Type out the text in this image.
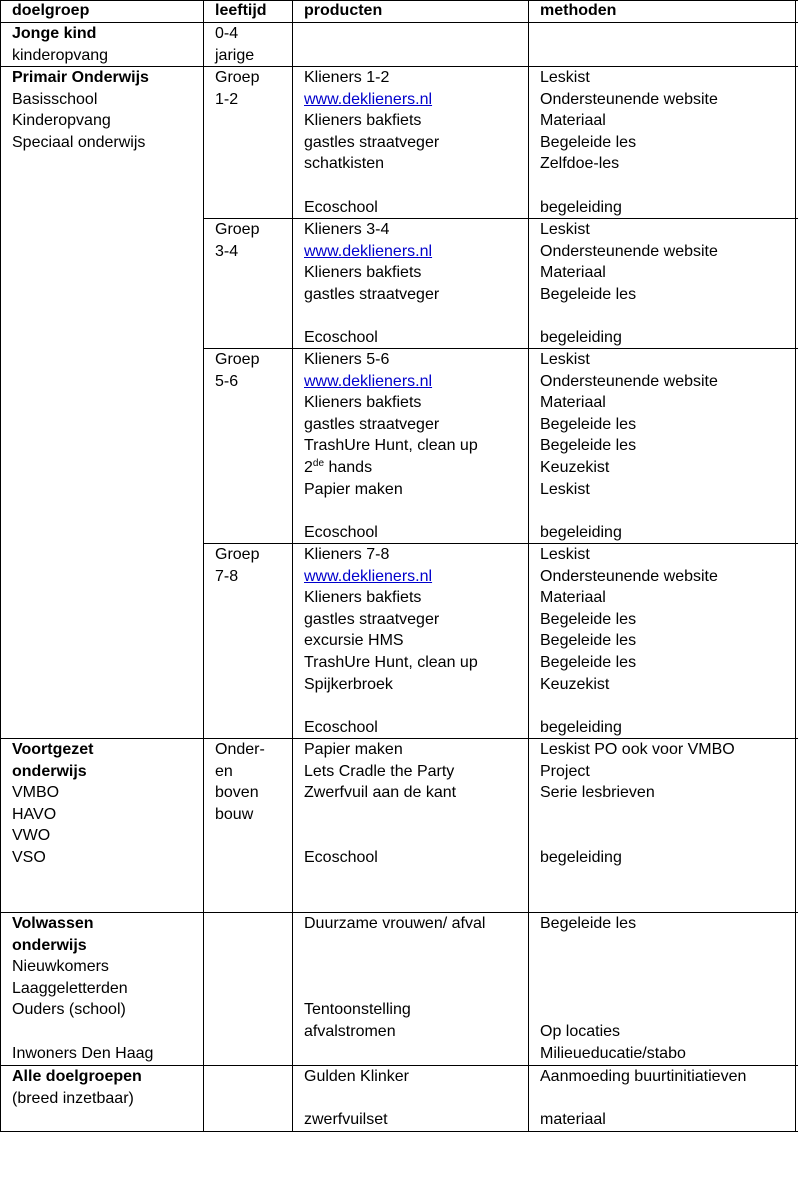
doelgroep	leeftijd producten	methoden
Jonge kind
kinderopvang
0-4
jarige
Primair Onderwijs
Basisschool
Kinderopvang
Speciaal onderwijs
Groep
1-2
Klieners 1-2
www.deklieners.nl
Klieners bakfiets
gastles straatveger
schatkisten
Ecoschool
Leskist
Ondersteunende website
Materiaal
Begeleide les
Zelfdoe-les
begeleiding
Groep
3-4
Klieners 3-4
www.deklieners.nl
Klieners bakfiets
gastles straatveger
Ecoschool
Leskist
Ondersteunende website
Materiaal
Begeleide les
begeleiding
Groep
5-6
Klieners 5-6
www.deklieners.nl
Klieners bakfiets
gastles straatveger
TrashUre Hunt, clean up
2de hands
Papier maken
Ecoschool
Leskist
Ondersteunende website
Materiaal
Begeleide les
Begeleide les
Keuzekist
Leskist
begeleiding
Groep
7-8
Klieners 7-8
www.deklieners.nl
Klieners bakfiets
gastles straatveger
excursie HMS
TrashUre Hunt, clean up
Spijkerbroek
Ecoschool
Leskist
Ondersteunende website
Materiaal
Begeleide les
Begeleide les
Begeleide les
Keuzekist
begeleiding
Voortgezet
onderwijs
VMBO
HAVO
VWO
VSO
Onder-
en
boven
bouw
Papier maken
Lets Cradle the Party
Zwerfvuil aan de kant
Ecoschool
Leskist PO ook voor VMBO
Project
Serie lesbrieven
begeleiding
Volwassen
onderwijs
Nieuwkomers
Laaggeletterden
Ouders (school)
Inwoners Den Haag
Duurzame vrouwen/ afval
Tentoonstelling
afvalstromen
Begeleide les
Op locaties
Milieueducatie/stabo
Alle doelgroepen
(breed inzetbaar)
Gulden Klinker
zwerfvuilset
Aanmoeding buurtinitiatieven
materiaal
